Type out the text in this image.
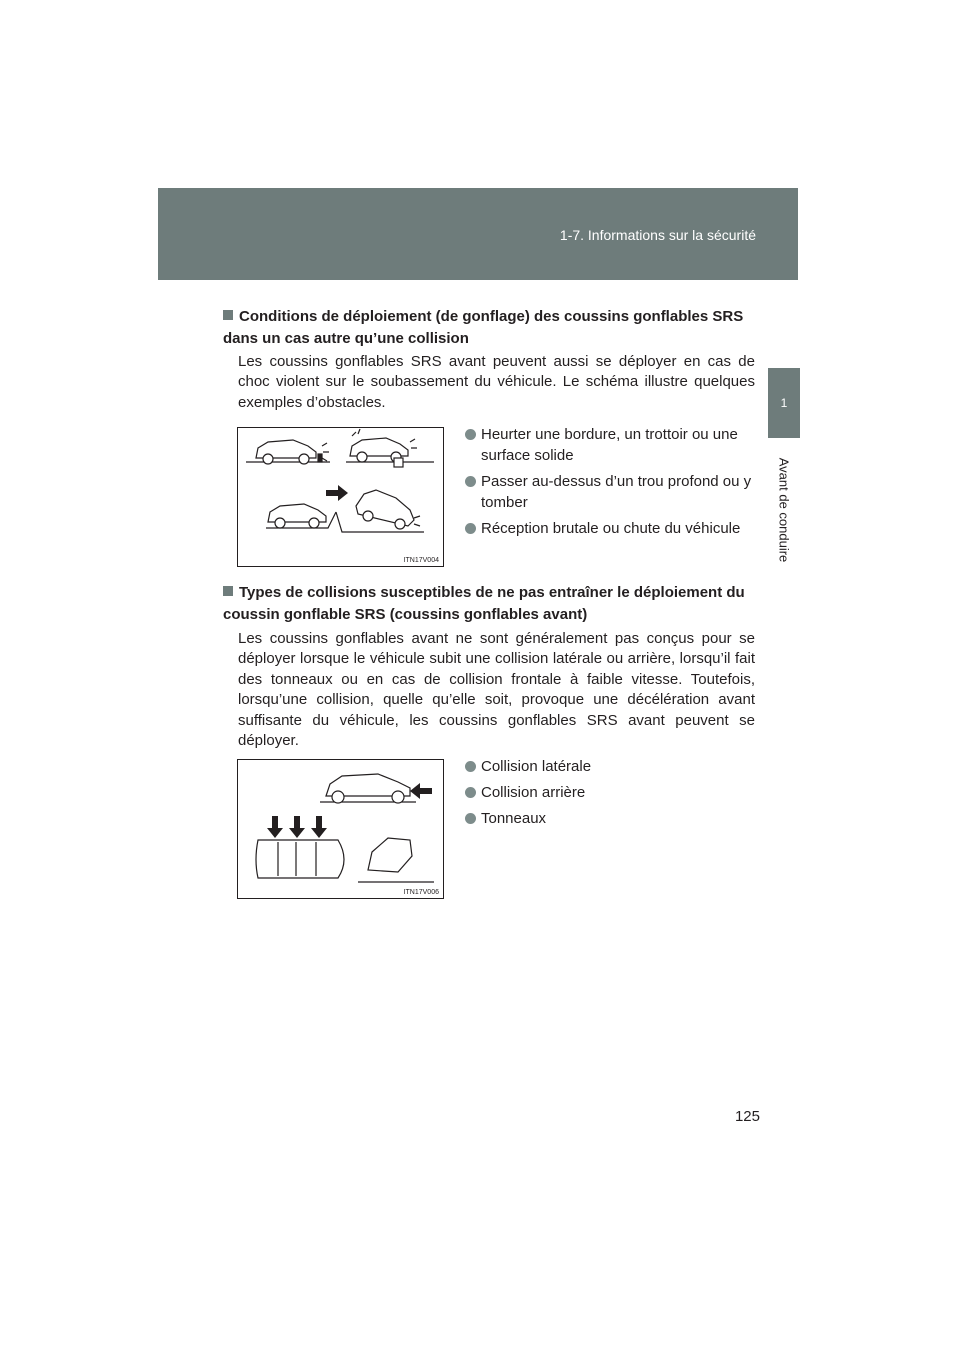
1-7. Informations sur la sécurité
1
Avant de conduire
Conditions de déploiement (de gonflage) des coussins gonflables SRS dans un cas autre qu’une collision
Les coussins gonflables SRS avant peuvent aussi se déployer en cas de choc violent sur le soubassement du véhicule. Le schéma illustre quelques exemples d’obstacles.
ITN17V004
Heurter une bordure, un trottoir ou une surface solide
Passer au-dessus d’un trou profond ou y tomber
Réception brutale ou chute du véhicule
Types de collisions susceptibles de ne pas entraîner le déploiement du coussin gonflable SRS (coussins gonflables avant)
Les coussins gonflables avant ne sont généralement pas conçus pour se déployer lorsque le véhicule subit une collision latérale ou arrière, lorsqu’il fait des tonneaux ou en cas de collision frontale à faible vitesse. Toutefois, lorsqu’une collision, quelle qu’elle soit, provoque une décélération avant suffisante du véhicule, les coussins gonflables SRS avant peuvent se déployer.
ITN17V006
Collision latérale
Collision arrière
Tonneaux
125
